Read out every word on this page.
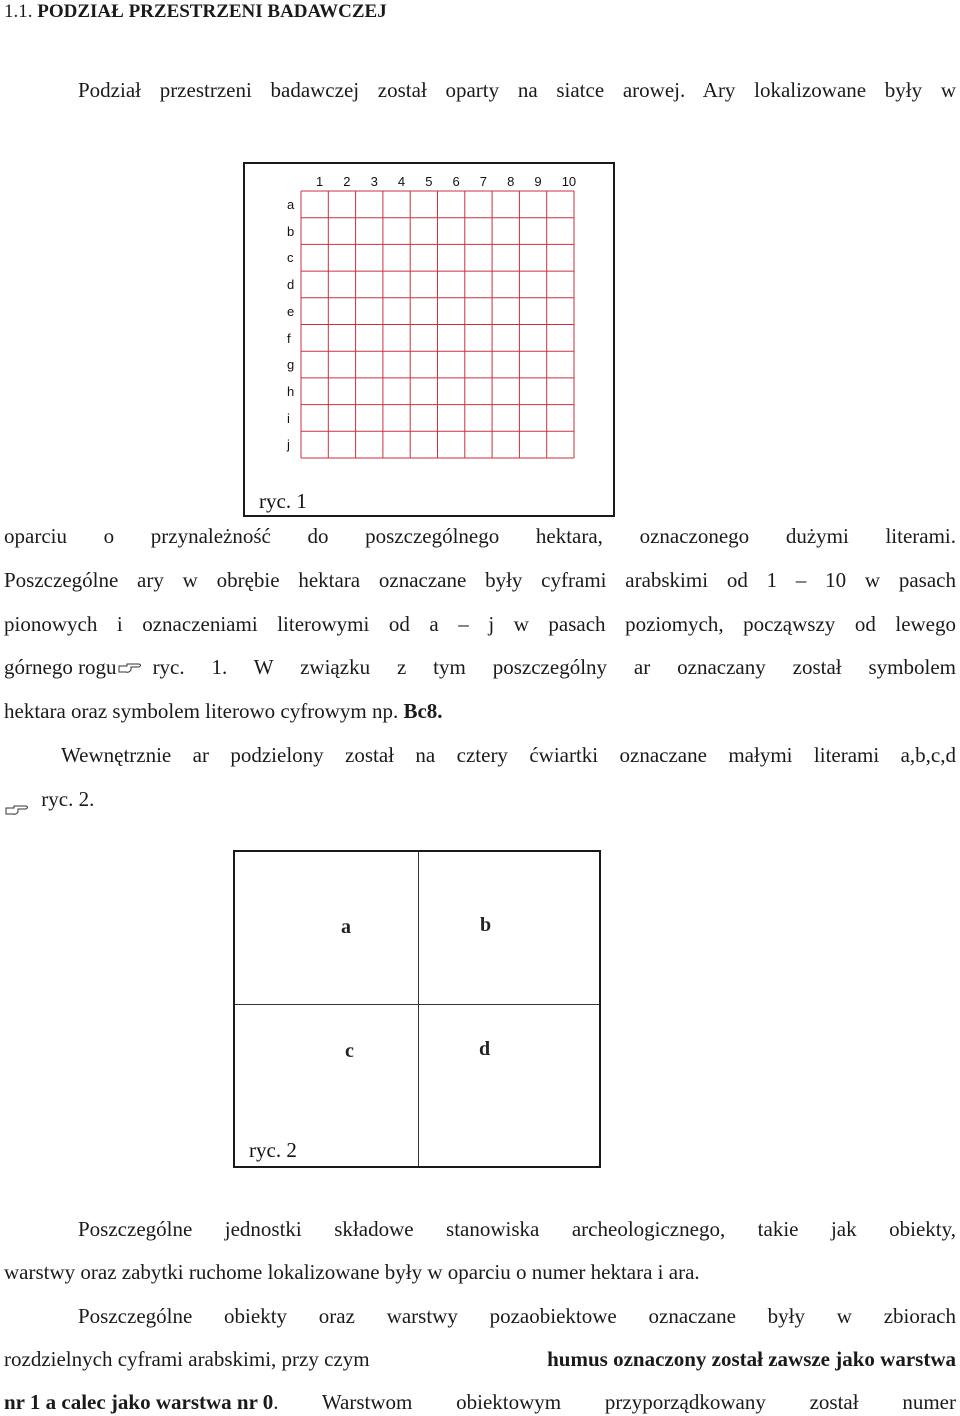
1.1. PODZIAŁ PRZESTRZENI BADAWCZEJ
Podział przestrzeni badawczej został oparty na siatce arowej. Ary lokalizowane były w
1 2 3 4 5 6 7 8 9 10
a
b
c
d
e
f
g
h
i
j
ryc. 1
oparciu o przynależność do poszczególnego hektara, oznaczonego dużymi literami.
Poszczególne ary w obrębie hektara oznaczane były cyframi arabskimi od 1 – 10 w pasach
pionowych i oznaczeniami literowymi od a – j w pasach poziomych, począwszy od lewego
górnego rogu ryc. 1. W związku z tym poszczególny ar oznaczany został symbolem
hektara oraz symbolem literowo cyfrowym np. Bc8.
Wewnętrznie ar podzielony został na cztery ćwiartki oznaczane małymi literami a,b,c,d
ryc. 2.
a	b
c	d
ryc. 2
Poszczególne jednostki składowe stanowiska archeologicznego, takie jak obiekty,
warstwy oraz zabytki ruchome lokalizowane były w oparciu o numer hektara i ara.
Poszczególne obiekty oraz warstwy pozaobiektowe oznaczane były w zbiorach
rozdzielnych cyframi arabskimi, przy czym	humus oznaczony został zawsze jako warstwa
nr 1 a calec jako warstwa nr 0 . Warstwom obiektowym przyporządkowany został numer
